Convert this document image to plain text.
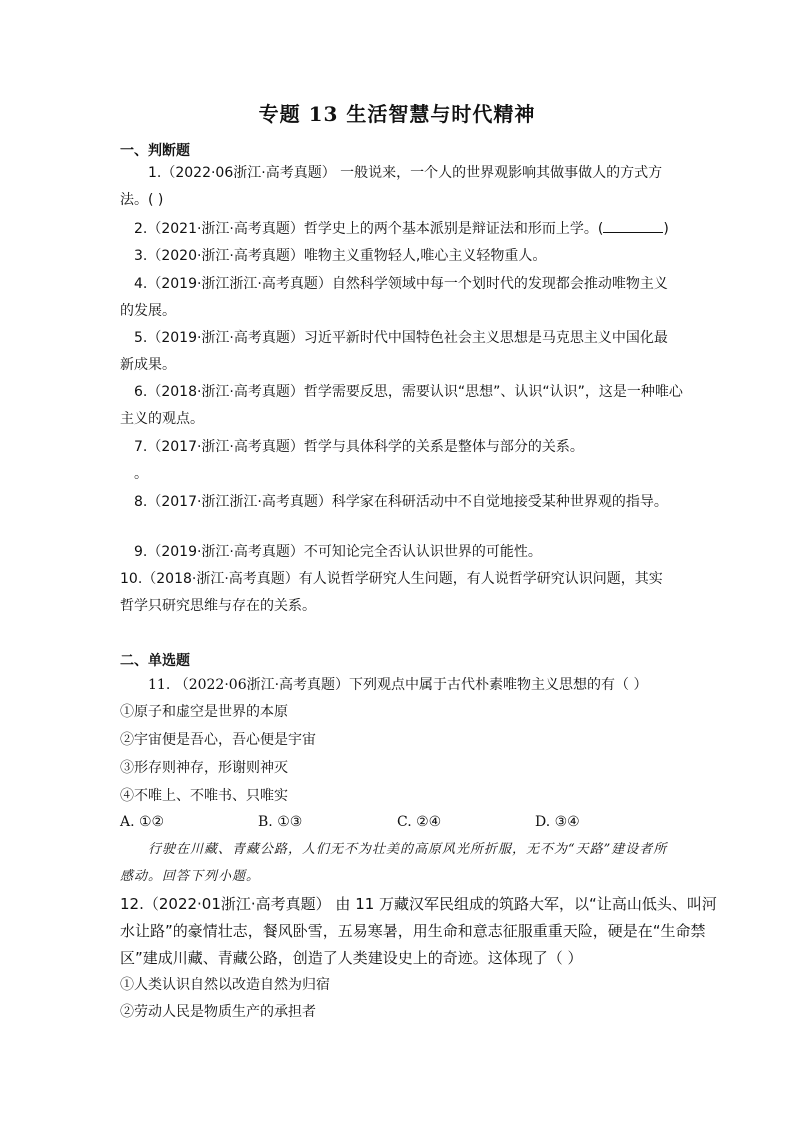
专题 13 生活智慧与时代精神
一、判断题
1.（2022·06浙江·高考真题） 一般说来，一个人的世界观影响其做事做人的方式方
法。( )
2.（2021·浙江·高考真题）哲学史上的两个基本派别是辩证法和形而上学。(	)
3.（2020·浙江·高考真题）唯物主义重物轻人,唯心主义轻物重人。
4.（2019·浙江浙江·高考真题）自然科学领域中每一个划时代的发现都会推动唯物主义
的发展。
5.（2019·浙江·高考真题）习近平新时代中国特色社会主义思想是马克思主义中国化最
新成果。
6.（2018·浙江·高考真题）哲学需要反思，需要认识“思想”、认识“认识”，这是一种唯心
主义的观点。
7.（2017·浙江·高考真题）哲学与具体科学的关系是整体与部分的关系。
。
8.（2017·浙江浙江·高考真题）科学家在科研活动中不自觉地接受某种世界观的指导。
9.（2019·浙江·高考真题）不可知论完全否认认识世界的可能性。
10.（2018·浙江·高考真题）有人说哲学研究人生问题，有人说哲学研究认识问题，其实
哲学只研究思维与存在的关系。
二、单选题
11. （2022·06浙江·高考真题）下列观点中属于古代朴素唯物主义思想的有（ ）
①原子和虚空是世界的本原
②宇宙便是吾心，吾心便是宇宙
③形存则神存，形谢则神灭
④不唯上、不唯书、只唯实
A. ①②	B. ①③	C. ②④	D. ③④
行驶在川藏、青藏公路，人们无不为壮美的高原风光所折服，无不为“天路”建设者所
感动。回答下列小题。
12.（2022·01浙江·高考真题） 由 11 万藏汉军民组成的筑路大军，以“让高山低头、叫河
水让路”的豪情壮志，餐风卧雪，五易寒暑，用生命和意志征服重重天险，硬是在“生命禁
区”建成川藏、青藏公路，创造了人类建设史上的奇迹。这体现了（ ）
①人类认识自然以改造自然为归宿
②劳动人民是物质生产的承担者
